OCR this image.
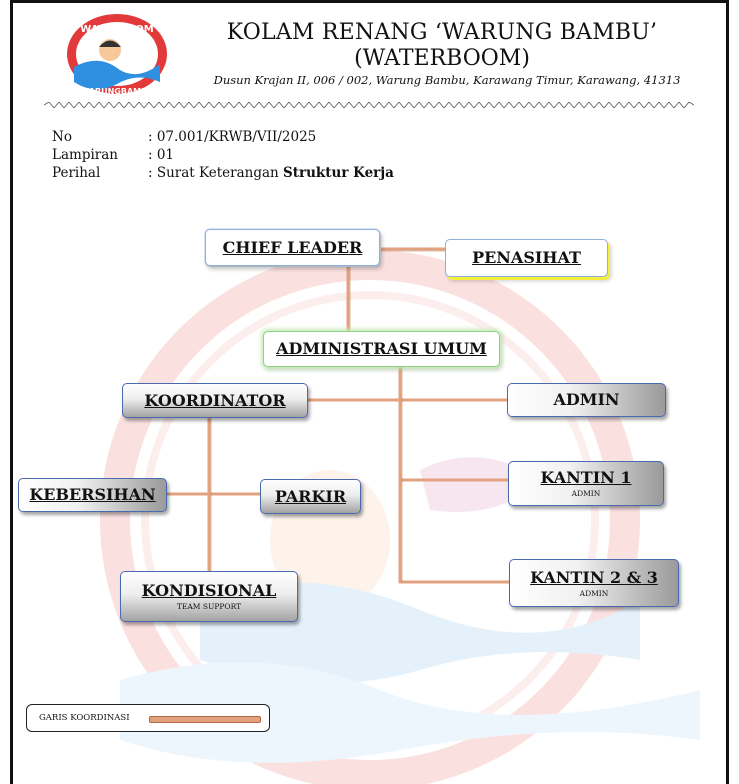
WATERBOOM
WARUNGBAMBU
KOLAM RENANG ‘WARUNG BAMBU’
(WATERBOOM)
Dusun Krajan II, 006 / 002, Warung Bambu, Karawang Timur, Karawang, 41313
No	: 07.001/KRWB/VII/2025
Lampiran : 01
Perihal	: Surat Keterangan Struktur Kerja
CHIEF LEADER
PENASIHAT
ADMINISTRASI UMUM
KOORDINATOR	ADMIN
KANTIN 1
ADMIN
KEBERSIHAN	PARKIR
KANTIN 2 & 3
ADMIN
KONDISIONAL
TEAM SUPPORT
GARIS KOORDINASI
